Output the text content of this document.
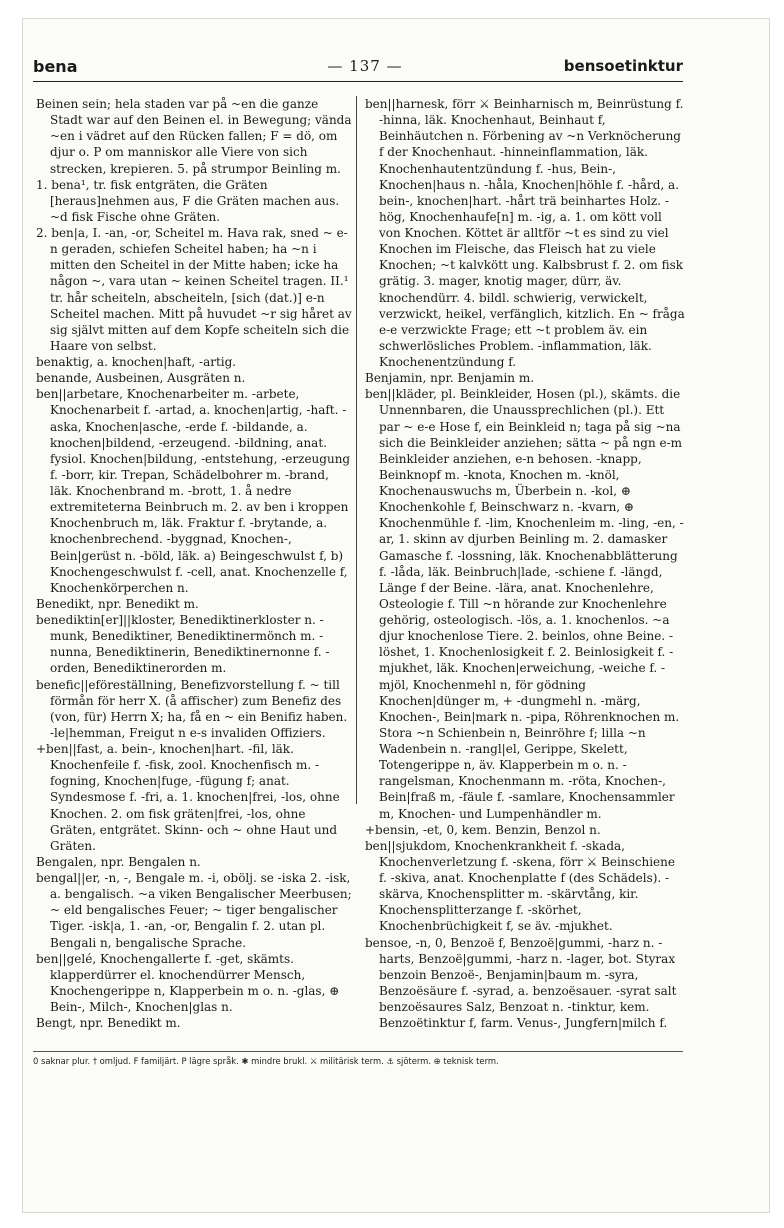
bena	— 137 —	bensoetinktur

Beinen sein; hela staden var på ~en die ganze Stadt war auf den Beinen el. in Bewegung; vända ~en i vädret auf den Rücken fallen; F = dö, om djur o. P om manniskor alle Viere von sich strecken, krepieren. 5. på strumpor Beinling m.

1. bena¹, tr. fisk entgräten, die Gräten [heraus]nehmen aus, F die Gräten machen aus. ~d fisk Fische ohne Gräten.

2. ben|a, I. -an, -or, Scheitel m. Hava rak, sned ~ e-n geraden, schiefen Scheitel haben; ha ~n i mitten den Scheitel in der Mitte haben; icke ha någon ~, vara utan ~ keinen Scheitel tragen. II.¹ tr. hår scheiteln, abscheiteln, [sich (dat.)] e-n Scheitel machen. Mitt på huvudet ~r sig håret av sig självt mitten auf dem Kopfe scheiteln sich die Haare von selbst.

benaktig, a. knochen|haft, -artig.

benande, Ausbeinen, Ausgräten n.

ben||arbetare, Knochenarbeiter m. -arbete, Knochenarbeit f. -artad, a. knochen|artig, -haft. -aska, Knochen|asche, -erde f. -bildande, a. knochen|bildend, -erzeugend. -bildning, anat. fysiol. Knochen|bildung, -entstehung, -erzeugung f. -borr, kir. Trepan, Schädelbohrer m. -brand, läk. Knochenbrand m. -brott, 1. å nedre extremiteterna Beinbruch m. 2. av ben i kroppen Knochenbruch m, läk. Fraktur f. -brytande, a. knochenbrechend. -byggnad, Knochen-, Bein|gerüst n. -böld, läk. a) Beingeschwulst f, b) Knochengeschwulst f. -cell, anat. Knochenzelle f, Knochenkörperchen n.

Benedikt, npr. Benedikt m.

benediktin[er]||kloster, Benediktinerkloster n. -munk, Benediktiner, Benediktinermönch m. -nunna, Benediktinerin, Benediktinernonne f. -orden, Benediktinerorden m.

benefic||eföreställning, Benefizvorstellung f. ~ till förmån för herr X. (å affischer) zum Benefiz des (von, für) Herrn X; ha, få en ~ ein Benifiz haben. -le|hemman, Freigut n e-s invaliden Offiziers.

+ben||fast, a. bein-, knochen|hart. -fil, läk. Knochenfeile f. -fisk, zool. Knochenfisch m. -fogning, Knochen|fuge, -fügung f; anat. Syndesmose f. -fri, a. 1. knochen|frei, -los, ohne Knochen. 2. om fisk gräten|frei, -los, ohne Gräten, entgrätet. Skinn- och ~ ohne Haut und Gräten.

Bengalen, npr. Bengalen n.

bengal||er, -n, -, Bengale m. -i, obölj. se -iska 2. -isk, a. bengalisch. ~a viken Bengalischer Meerbusen; ~ eld bengalisches Feuer; ~ tiger bengalischer Tiger. -isk|a, 1. -an, -or, Bengalin f. 2. utan pl. Bengali n, bengalische Sprache.

ben||gelé, Knochengallerte f. -get, skämts. klapperdürrer el. knochendürrer Mensch, Knochengerippe n, Klapperbein m o. n. -glas, ⊕ Bein-, Milch-, Knochen|glas n.

Bengt, npr. Benedikt m.

ben||harnesk, förr ⚔ Beinharnisch m, Beinrüstung f. -hinna, läk. Knochenhaut, Beinhaut f, Beinhäutchen n. Förbening av ~n Verknöcherung f der Knochenhaut. -hinneinflammation, läk. Knochenhautentzündung f. -hus, Bein-, Knochen|haus n. -håla, Knochen|höhle f. -hård, a. bein-, knochen|hart. -hårt trä beinhartes Holz. -hög, Knochenhaufe[n] m. -ig, a. 1. om kött voll von Knochen. Köttet är alltför ~t es sind zu viel Knochen im Fleische, das Fleisch hat zu viele Knochen; ~t kalvkött ung. Kalbsbrust f. 2. om fisk grätig. 3. mager, knotig mager, dürr, äv. knochendürr. 4. bildl. schwierig, verwickelt, verzwickt, heikel, verfänglich, kitzlich. En ~ fråga e-e verzwickte Frage; ett ~t problem äv. ein schwerlösliches Problem. -inflammation, läk. Knochenentzündung f.

Benjamin, npr. Benjamin m.

ben||kläder, pl. Beinkleider, Hosen (pl.), skämts. die Unnennbaren, die Unaussprechlichen (pl.). Ett par ~ e-e Hose f, ein Beinkleid n; taga på sig ~na sich die Beinkleider anziehen; sätta ~ på ngn e-m Beinkleider anziehen, e-n behosen. -knapp, Beinknopf m. -knota, Knochen m. -knöl, Knochenauswuchs m, Überbein n. -kol, ⊕ Knochenkohle f, Beinschwarz n. -kvarn, ⊕ Knochenmühle f. -lim, Knochenleim m. -ling, -en, -ar, 1. skinn av djurben Beinling m. 2. damasker Gamasche f. -lossning, läk. Knochenabblätterung f. -låda, läk. Beinbruch|lade, -schiene f. -längd, Länge f der Beine. -lära, anat. Knochenlehre, Osteologie f. Till ~n hörande zur Knochenlehre gehörig, osteologisch. -lös, a. 1. knochenlos. ~a djur knochenlose Tiere. 2. beinlos, ohne Beine. -löshet, 1. Knochenlosigkeit f. 2. Beinlosigkeit f. -mjukhet, läk. Knochen|erweichung, -weiche f. -mjöl, Knochenmehl n, för gödning Knochen|dünger m, + -dungmehl n. -märg, Knochen-, Bein|mark n. -pipa, Röhrenknochen m. Stora ~n Schienbein n, Beinröhre f; lilla ~n Wadenbein n. -rangl|el, Gerippe, Skelett, Totengerippe n, äv. Klapperbein m o. n. -rangelsman, Knochenmann m. -röta, Knochen-, Bein|fraß m, -fäule f. -samlare, Knochensammler m, Knochen- und Lumpenhändler m.

+bensin, -et, 0, kem. Benzin, Benzol n.

ben||sjukdom, Knochenkrankheit f. -skada, Knochenverletzung f. -skena, förr ⚔ Beinschiene f. -skiva, anat. Knochenplatte f (des Schädels). -skärva, Knochensplitter m. -skärvtång, kir. Knochensplitterzange f. -skörhet, Knochenbrüchigkeit f, se äv. -mjukhet.

bensoe, -n, 0, Benzoë f, Benzoë|gummi, -harz n. -harts, Benzoë|gummi, -harz n. -lager, bot. Styrax benzoin Benzoë-, Benjamin|baum m. -syra, Benzoësäure f. -syrad, a. benzoësauer. -syrat salt benzoësaures Salz, Benzoat n. -tinktur, kem. Benzoëtinktur f, farm. Venus-, Jungfern|milch f.

0 saknar plur. † omljud. F familjärt. P lägre språk. ✱ mindre brukl. ⚔ militärisk term. ⚓ sjöterm. ⊕ teknisk term.
